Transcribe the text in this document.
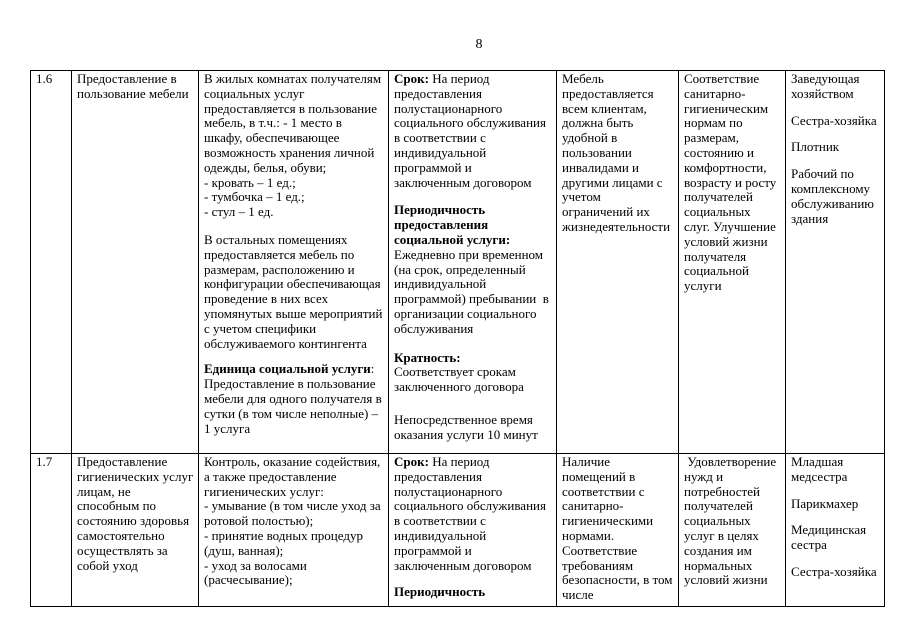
8
1.6	Предоставление в
пользование мебели
В жилых комнатах получателям
социальных услуг
предоставляется в пользование
мебель, в т.ч.: - 1 место в
шкафу, обеспечивающее
возможность хранения личной
одежды, белья, обуви;
- кровать – 1 ед.;
- тумбочка – 1 ед.;
- стул – 1 ед.
В остальных помещениях
предоставляется мебель по
размерам, расположению и
конфигурации обеспечивающая
проведение в них всех
упомянутых выше мероприятий
с учетом специфики
обслуживаемого контингента
Единица социальной услуги:
Предоставление в пользование
мебели для одного получателя в
сутки (в том числе неполные) –
1 услуга
Срок: На период
предоставления
полустационарного
социального обслуживания
в соответствии с
индивидуальной
программой и
заключенным договором
Периодичность
предоставления
социальной услуги:
Ежедневно при временном
(на срок, определенный
индивидуальной
программой) пребывании  в
организации социального
обслуживания
Кратность:
Соответствует срокам
заключенного договора
Непосредственное время
оказания услуги 10 минут
Мебель
предоставляется
всем клиентам,
должна быть
удобной в
пользовании
инвалидами и
другими лицами с
учетом
ограничений их
жизнедеятельности
Соответствие
санитарно-
гигиеническим
нормам по
размерам,
состоянию и
комфортности,
возрасту и росту
получателей
социальных
слуг. Улучшение
условий жизни
получателя
социальной
услуги
Заведующая
хозяйством
Сестра-хозяйка
Плотник
Рабочий по
комплексному
обслуживанию
здания
1.7	Предоставление
гигиенических услуг
лицам, не
способным по
состоянию здоровья
самостоятельно
осуществлять за
собой уход
Контроль, оказание содействия,
а также предоставление
гигиенических услуг:
- умывание (в том числе уход за
ротовой полостью);
- принятие водных процедур
(душ, ванная);
- уход за волосами
(расчесывание);
Срок: На период
предоставления
полустационарного
социального обслуживания
в соответствии с
индивидуальной
программой и
заключенным договором
Периодичность
Наличие
помещений в
соответствии с
санитарно-
гигиеническими
нормами.
Соответствие
требованиям
безопасности, в том
числе
Удовлетворение
нужд и
потребностей
получателей
социальных
услуг в целях
создания им
нормальных
условий жизни
Младшая
медсестра
Парикмахер
Медицинская
сестра
Сестра-хозяйка
